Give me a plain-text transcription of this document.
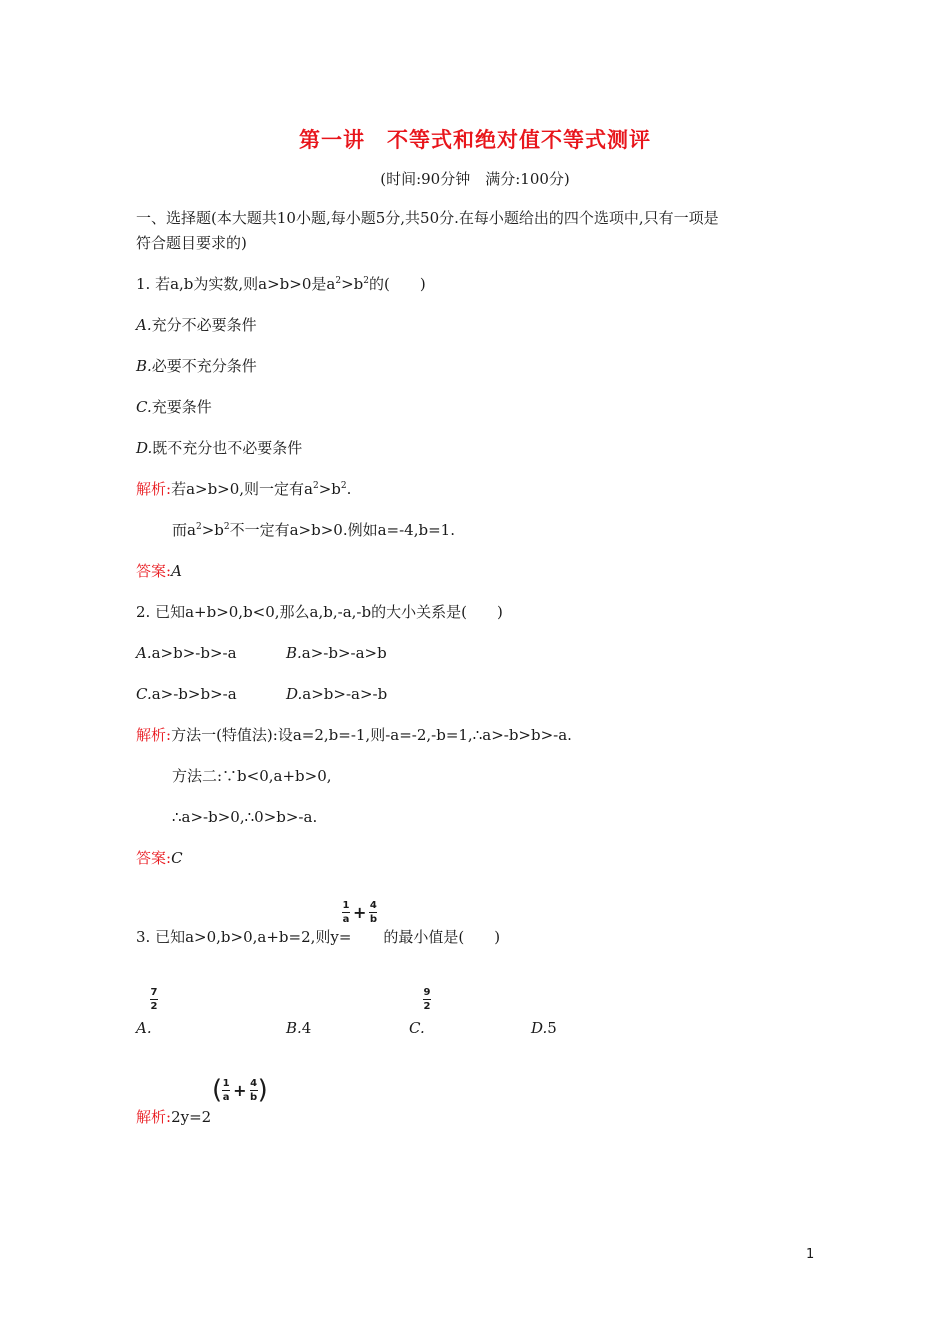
第一讲　不等式和绝对值不等式测评
(时间:90分钟　满分:100分)
一、选择题(本大题共10小题,每小题5分,共50分.在每小题给出的四个选项中,只有一项是
符合题目要求的)
1. 若a,b为实数,则a>b>0是$a^2>b^2$的(　　)
A.充分不必要条件
B.必要不充分条件
C.充要条件
D.既不充分也不必要条件
解析:若a>b>0,则一定有$a^2>b^2$.
而$a^2>b^2$不一定有a>b>0.例如a=-4,b=1.
答案:A
2. 已知a+b>0,b<0,那么a,b,-a,-b的大小关系是(　　)
A.a>b>-b>-a	B.a>-b>-a>b
C.a>-b>b>-a	D.a>b>-a>-b
解析:方法一(特值法):设a=2,b=-1,则-a=-2,-b=1,∴a>-b>b>-a.
方法二:∵b<0,a+b>0,
∴a>-b>0,∴0>b>-a.
答案:C
$\frac{1}{a} + \frac{4}{b}$
3. 已知a>0,b>0,a+b=2,则y= 的最小值是(　　)
$\frac{7}{2}$
A.	B.4
$\frac{9}{2}$
C.	D.5
( $\frac{1}{a} + \frac{4}{b}$ )
解析:2y=2
1
